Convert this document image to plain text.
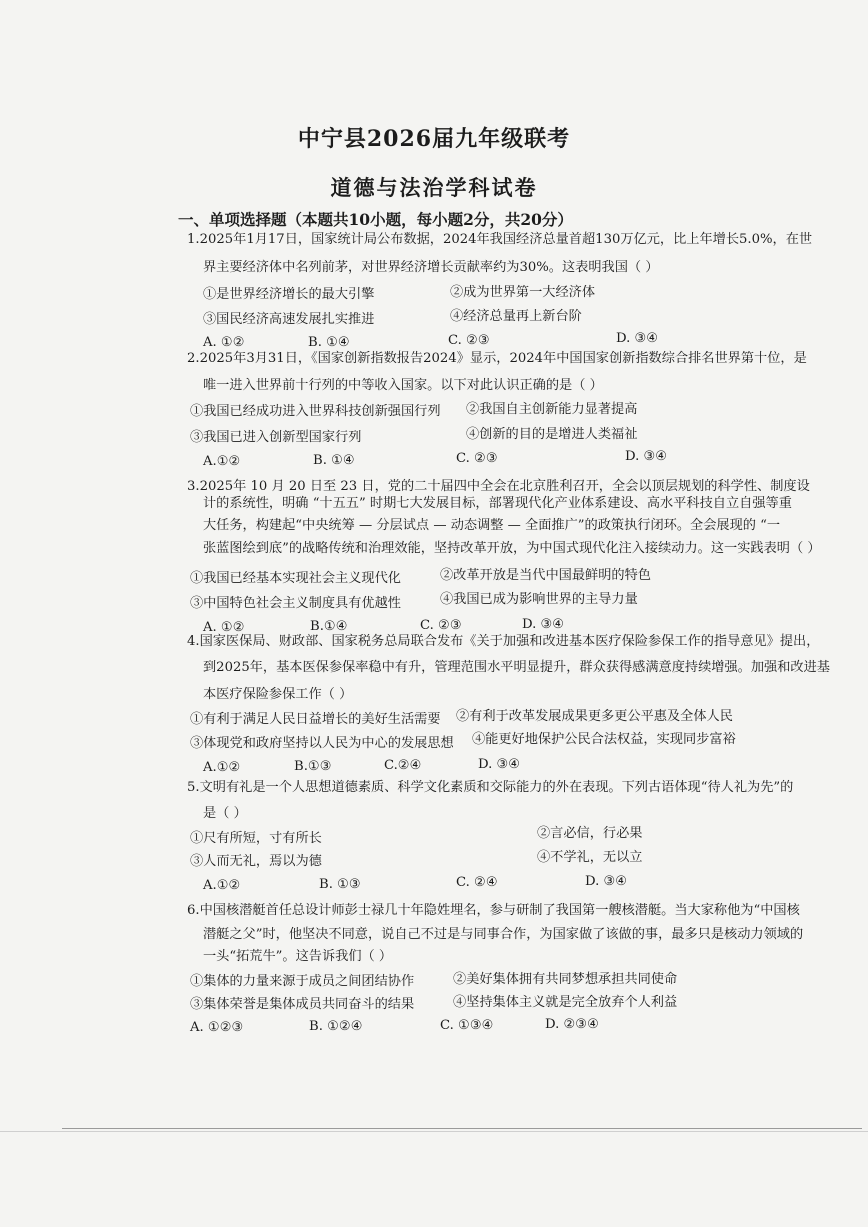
中宁县2026届九年级联考
道德与法治学科试卷
一、单项选择题（本题共10小题，每小题2分，共20分）
1.2025年1月17日，国家统计局公布数据，2024年我国经济总量首超130万亿元，比上年增长5.0%，在世
界主要经济体中名列前茅，对世界经济增长贡献率约为30%。这表明我国（ ）
①是世界经济增长的最大引擎	②成为世界第一大经济体
③国民经济高速发展扎实推进	④经济总量再上新台阶
A. ①②	B. ①④	C. ②③	D. ③④
2.2025年3月31日，《国家创新指数报告2024》显示，2024年中国国家创新指数综合排名世界第十位，是
唯一进入世界前十行列的中等收入国家。以下对此认识正确的是（ ）
①我国已经成功进入世界科技创新强国行列 ②我国自主创新能力显著提高
③我国已进入创新型国家行列	④创新的目的是增进人类福祉
A.①②	B. ①④	C. ②③	D. ③④
3.2025年 10 月 20 日至 23 日，党的二十届四中全会在北京胜利召开，全会以顶层规划的科学性、制度设
计的系统性，明确 “十五五” 时期七大发展目标，部署现代化产业体系建设、高水平科技自立自强等重
大任务，构建起“中央统筹 — 分层试点 — 动态调整 — 全面推广”的政策执行闭环。全会展现的 “一
张蓝图绘到底”的战略传统和治理效能，坚持改革开放，为中国式现代化注入接续动力。这一实践表明（ ）
①我国已经基本实现社会主义现代化	②改革开放是当代中国最鲜明的特色
③中国特色社会主义制度具有优越性	④我国已成为影响世界的主导力量
A. ①②	B.①④	C. ②③	D. ③④
4.国家医保局、财政部、国家税务总局联合发布《关于加强和改进基本医疗保险参保工作的指导意见》提出，
到2025年，基本医保参保率稳中有升，管理范围水平明显提升，群众获得感满意度持续增强。加强和改进基
本医疗保险参保工作（ ）
①有利于满足人民日益增长的美好生活需要 ②有利于改革发展成果更多更公平惠及全体人民
③体现党和政府坚持以人民为中心的发展思想 ④能更好地保护公民合法权益，实现同步富裕
A.①②	B.①③	C.②④	D. ③④
5.文明有礼是一个人思想道德素质、科学文化素质和交际能力的外在表现。下列古语体现“待人礼为先”的
是（ ）
①尺有所短，寸有所长	②言必信，行必果
③人而无礼，焉以为德	④不学礼，无以立
A.①②	B. ①③	C. ②④	D. ③④
6.中国核潜艇首任总设计师彭士禄几十年隐姓埋名，参与研制了我国第一艘核潜艇。当大家称他为“中国核
潜艇之父”时，他坚决不同意，说自己不过是与同事合作，为国家做了该做的事，最多只是核动力领域的
一头“拓荒牛”。这告诉我们（ ）
①集体的力量来源于成员之间团结协作	②美好集体拥有共同梦想承担共同使命
③集体荣誉是集体成员共同奋斗的结果	④坚持集体主义就是完全放弃个人利益
A. ①②③	B. ①②④	C. ①③④	D. ②③④
